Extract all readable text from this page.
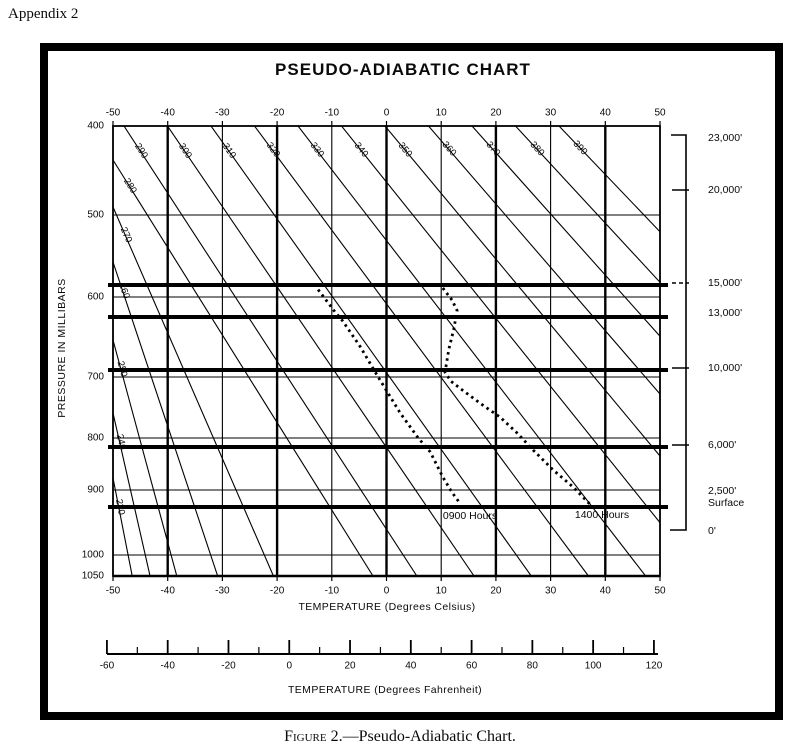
Appendix 2
PSEUDO-ADIABATIC CHART
PRESSURE IN MILLIBARS
TEMPERATURE (Degrees Celsius)
TEMPERATURE (Degrees Fahrenheit)
-50
-50
-40
-40
-30
-30
-20
-20
-10
-10
0
0
10
10
20
20
30
30
40
40
50
50
400
500
600
700
800
900
1000
1050
230
240
250
260
270
280
290	300	310	320	330	340	350	360	370	380	390
0900 Hours	1400 Hours
23,000'
20,000'
15,000'
13,000'
10,000'
6,000'
2,500'
Surface
0'
-60	-40	-20	0	20	40	60	80	100	120
Figure 2.—Pseudo-Adiabatic Chart.
